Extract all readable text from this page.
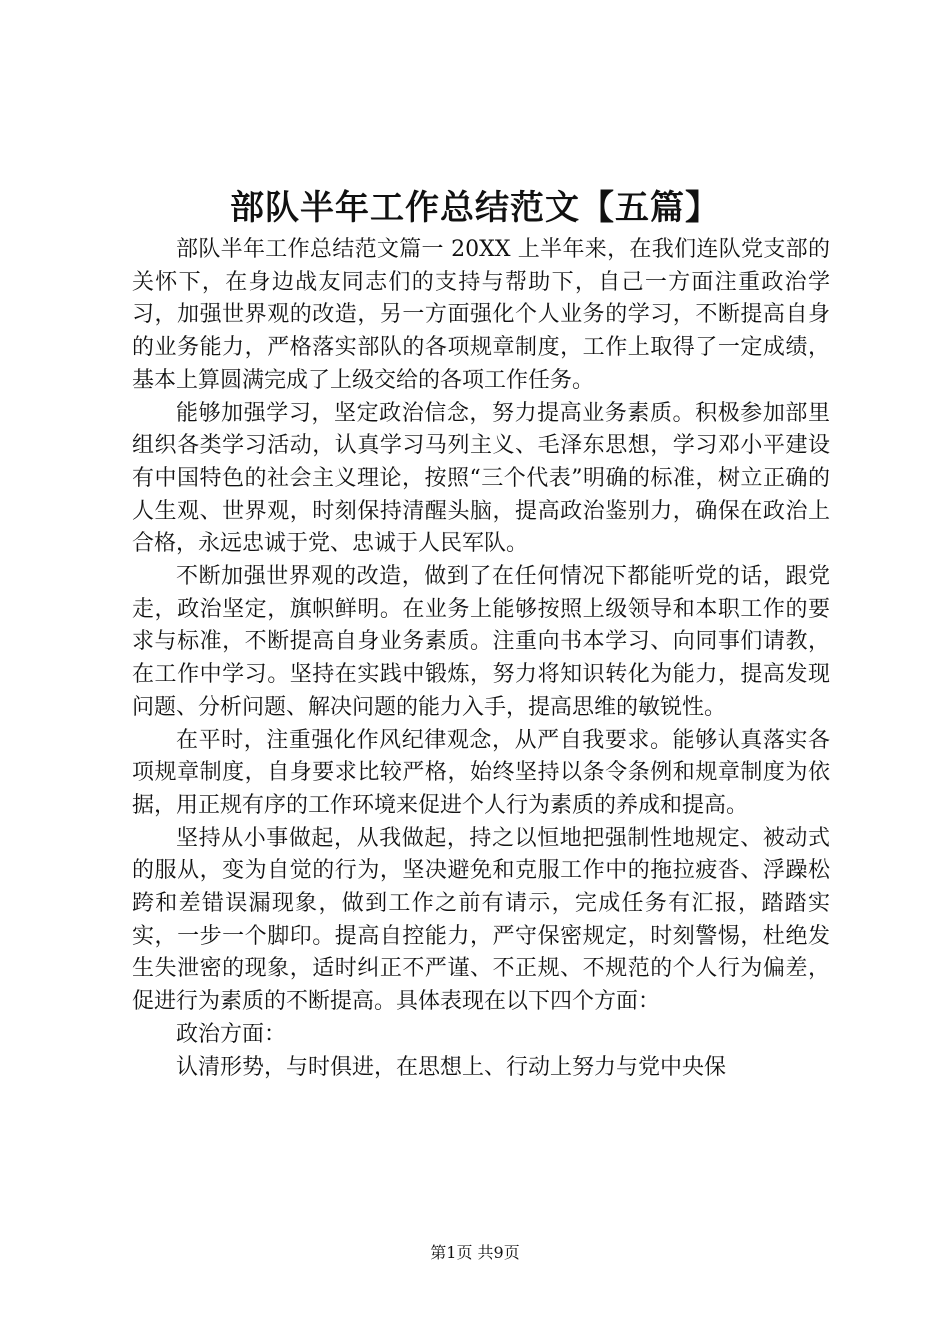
部队半年工作总结范文【五篇】

部队半年工作总结范文篇一 20XX 上半年来，在我们连队党支部的关怀下，在身边战友同志们的支持与帮助下，自己一方面注重政治学习，加强世界观的改造，另一方面强化个人业务的学习，不断提高自身的业务能力，严格落实部队的各项规章制度，工作上取得了一定成绩，基本上算圆满完成了上级交给的各项工作任务。

能够加强学习，坚定政治信念，努力提高业务素质。积极参加部里组织各类学习活动，认真学习马列主义、毛泽东思想，学习邓小平建设有中国特色的社会主义理论，按照“三个代表”明确的标准，树立正确的人生观、世界观，时刻保持清醒头脑，提高政治鉴别力，确保在政治上合格，永远忠诚于党、忠诚于人民军队。

不断加强世界观的改造，做到了在任何情况下都能听党的话，跟党走，政治坚定，旗帜鲜明。在业务上能够按照上级领导和本职工作的要求与标准，不断提高自身业务素质。注重向书本学习、向同事们请教，在工作中学习。坚持在实践中锻炼，努力将知识转化为能力，提高发现问题、分析问题、解决问题的能力入手，提高思维的敏锐性。

在平时，注重强化作风纪律观念，从严自我要求。能够认真落实各项规章制度，自身要求比较严格，始终坚持以条令条例和规章制度为依据，用正规有序的工作环境来促进个人行为素质的养成和提高。

坚持从小事做起，从我做起，持之以恒地把强制性地规定、被动式的服从，变为自觉的行为，坚决避免和克服工作中的拖拉疲沓、浮躁松跨和差错误漏现象，做到工作之前有请示，完成任务有汇报，踏踏实实，一步一个脚印。提高自控能力，严守保密规定，时刻警惕，杜绝发生失泄密的现象，适时纠正不严谨、不正规、不规范的个人行为偏差，促进行为素质的不断提高。具体表现在以下四个方面：

政治方面：

认清形势，与时俱进，在思想上、行动上努力与党中央保

第1页 共9页
